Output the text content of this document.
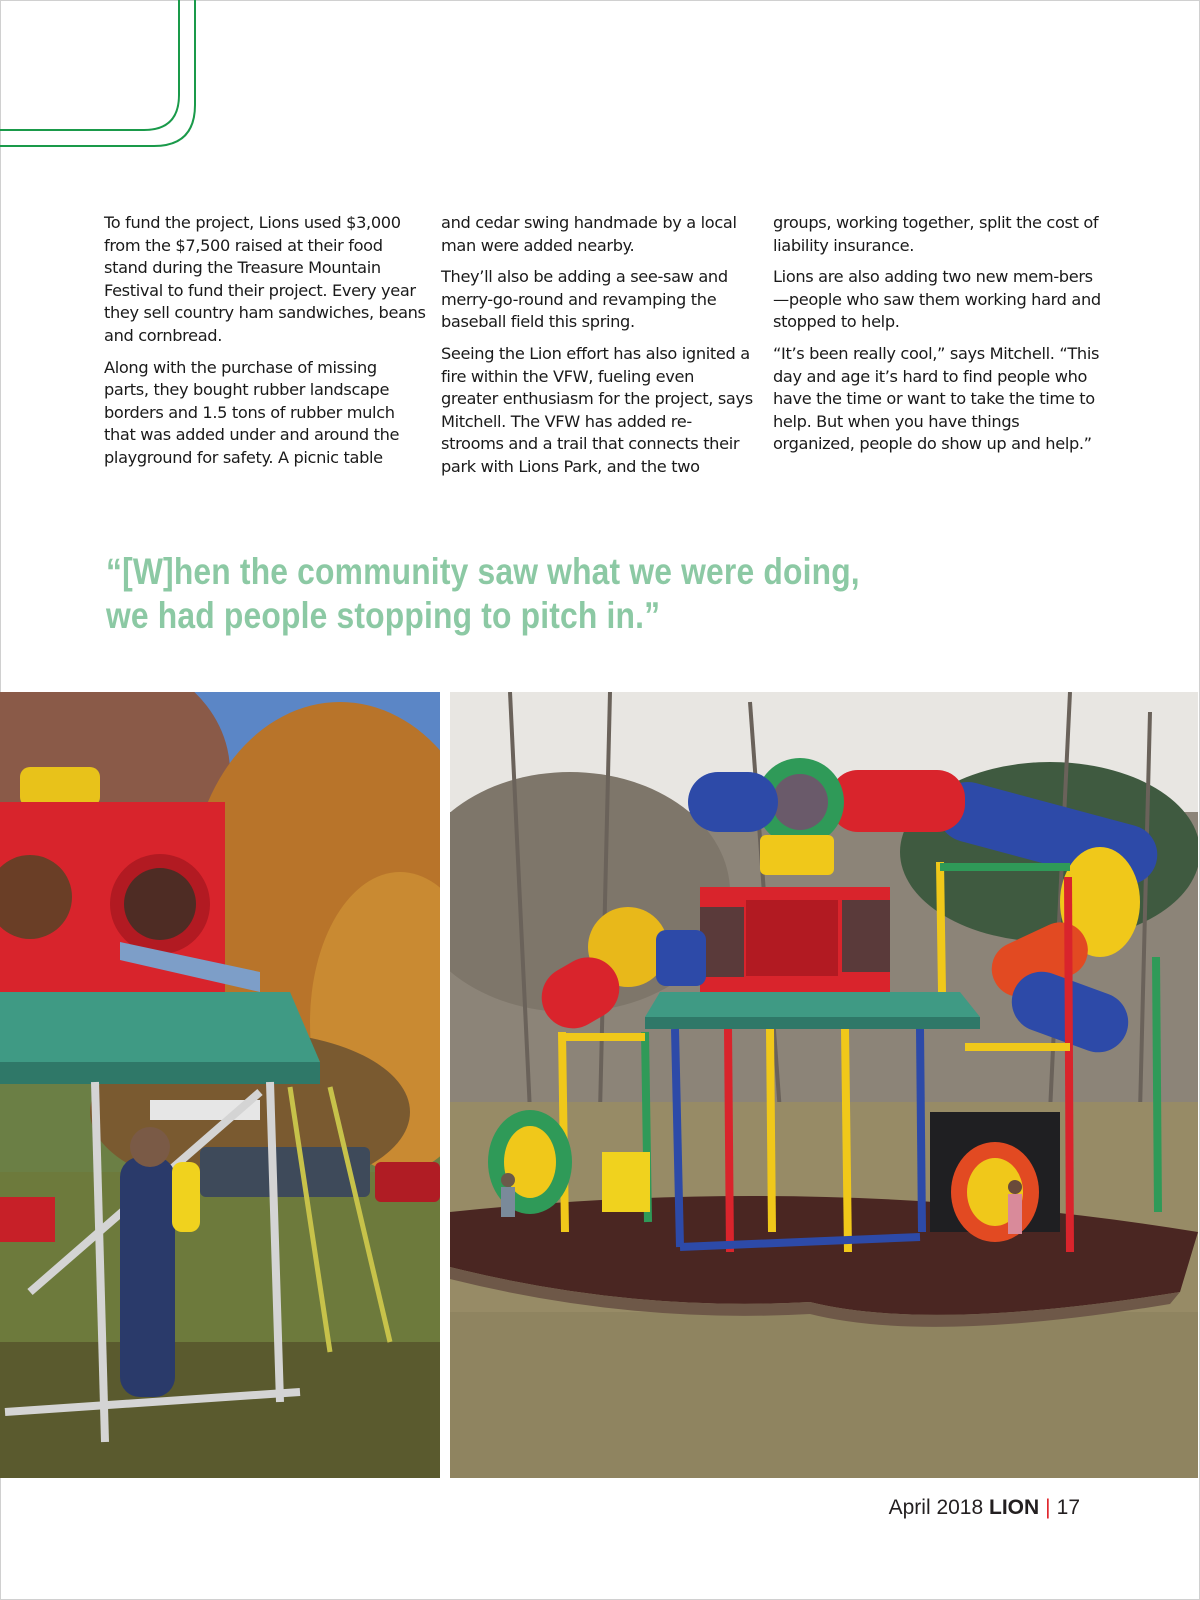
To fund the project, Lions used $3,000 from the $7,500 raised at their food stand during the Treasure Mountain Festival to fund their project. Every year they sell country ham sandwiches, beans and cornbread.

Along with the purchase of missing parts, they bought rubber landscape borders and 1.5 tons of rubber mulch that was added under and around the playground for safety. A picnic table

and cedar swing handmade by a local man were added nearby.

They’ll also be adding a see-saw and merry-go-round and revamping the baseball field this spring.

Seeing the Lion effort has also ignited a fire within the VFW, fueling even greater enthusiasm for the project, says Mitchell. The VFW has added re-strooms and a trail that connects their park with Lions Park, and the two

groups, working together, split the cost of liability insurance.

Lions are also adding two new mem-bers—people who saw them working hard and stopped to help.

“It’s been really cool,” says Mitchell. “This day and age it’s hard to find people who have the time or want to take the time to help. But when you have things organized, people do show up and help.”

“[W]hen the community saw what we were doing,
we had people stopping to pitch in.”
April 2018 LION | 17
